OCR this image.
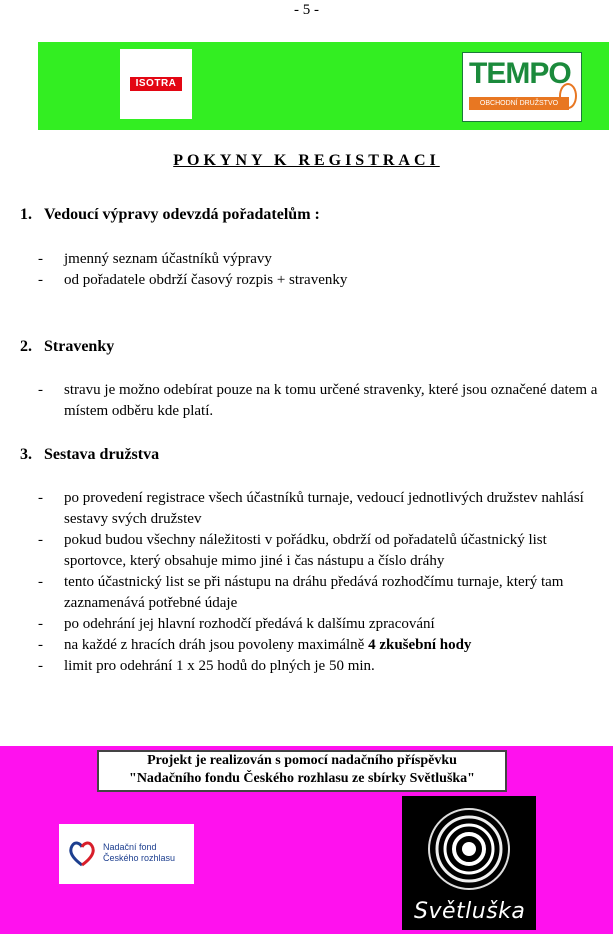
- 5 -
ISOTRA	TEMPO
OBCHODNÍ DRUŽSTVO
POKYNY K REGISTRACI
1. Vedoucí výpravy odevzdá pořadatelům :
- jmenný seznam účastníků výpravy
- od pořadatele obdrží časový rozpis + stravenky
2. Stravenky
- stravu je možno odebírat pouze na k tomu určené stravenky, které jsou označené datem a místem odběru kde platí.
3. Sestava družstva
- po provedení registrace všech účastníků turnaje, vedoucí jednotlivých družstev nahlásí sestavy svých družstev
- pokud budou všechny náležitosti v pořádku, obdrží od pořadatelů účastnický list sportovce, který obsahuje mimo jiné i čas nástupu a číslo dráhy
- tento účastnický list se při nástupu na dráhu předává rozhodčímu turnaje, který tam zaznamenává potřebné údaje
- po odehrání jej hlavní rozhodčí předává k dalšímu zpracování
- na každé z hracích dráh jsou povoleny maximálně 4 zkušební hody
- limit pro odehrání 1 x 25 hodů do plných je 50 min.
Projekt je realizován s pomocí nadačního příspěvku
"Nadačního fondu Českého rozhlasu ze sbírky Světluška"
Nadační fond
Českého rozhlasu
Světluška
